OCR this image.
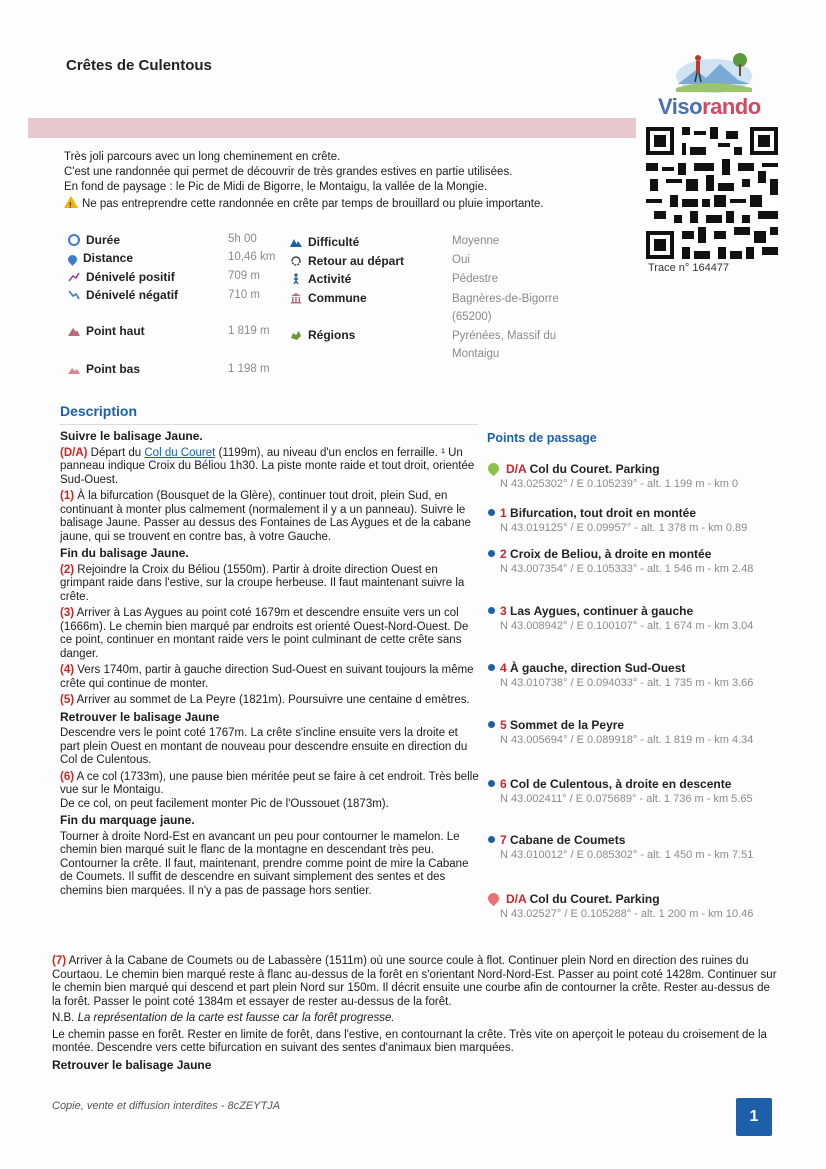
Crêtes de Culentous
Visorando
Trace n° 164477

Très joli parcours avec un long cheminement en crête.

C'est une randonnée qui permet de découvrir de très grandes estives en partie utilisées.

En fond de paysage : le Pic de Midi de Bigorre, le Montaigu, la vallée de la Mongie.

! Ne pas entreprendre cette randonnée en crête par temps de brouillard ou pluie importante.

Durée	5h 00
Distance	10,46 km
Dénivelé positif	709 m
Dénivelé négatif	710 m
Point haut	1 819 m
Point bas	1 198 m
Difficulté	Moyenne
Retour au départ	Oui
Activité	Pédestre
Commune	Bagnères-de-Bigorre (65200)
Régions	Pyrénées, Massif du Montaigu
Description
Suivre le balisage Jaune.

(D/A) Départ du Col du Couret (1199m), au niveau d'un enclos en ferraille. ¹ Un panneau indique Croix du Béliou 1h30. La piste monte raide et tout droit, orientée Sud-Ouest.

(1) À la bifurcation (Bousquet de la Glère), continuer tout droit, plein Sud, en continuant à monter plus calmement (normalement il y a un panneau). Suivre le balisage Jaune. Passer au dessus des Fontaines de Las Aygues et de la cabane jaune, qui se trouvent en contre bas, à votre Gauche.

Fin du balisage Jaune.

(2) Rejoindre la Croix du Béliou (1550m). Partir à droite direction Ouest en grimpant raide dans l'estive, sur la croupe herbeuse. Il faut maintenant suivre la crête.

(3) Arriver à Las Aygues au point coté 1679m et descendre ensuite vers un col (1666m). Le chemin bien marqué par endroits est orienté Ouest-Nord-Ouest. De ce point, continuer en montant raide vers le point culminant de cette crête sans danger.

(4) Vers 1740m, partir à gauche direction Sud-Ouest en suivant toujours la même crête qui continue de monter.

(5) Arriver au sommet de La Peyre (1821m). Poursuivre une centaine d emètres.

Retrouver le balisage Jaune

Descendre vers le point coté 1767m. La crête s'incline ensuite vers la droite et part plein Ouest en montant de nouveau pour descendre ensuite en direction du Col de Culentous.

(6) A ce col (1733m), une pause bien méritée peut se faire à cet endroit. Très belle vue sur le Montaigu.

De ce col, on peut facilement monter Pic de l'Oussouet (1873m).

Fin du marquage jaune.

Tourner à droite Nord-Est en avancant un peu pour contourner le mamelon. Le chemin bien marqué suit le flanc de la montagne en descendant très peu. Contourner la crête. Il faut, maintenant, prendre comme point de mire la Cabane de Coumets. Il suffit de descendre en suivant simplement des sentes et des chemins bien marquées. Il n'y a pas de passage hors sentier.

(7) Arriver à la Cabane de Coumets ou de Labassère (1511m) où une source coule à flot. Continuer plein Nord en direction des ruines du Courtaou. Le chemin bien marqué reste à flanc au-dessus de la forêt en s'orientant Nord-Nord-Est. Passer au point coté 1428m. Continuer sur le chemin bien marqué qui descend et part plein Nord sur 150m. Il décrit ensuite une courbe afin de contourner la crête. Rester au-dessus de la forêt. Passer le point coté 1384m et essayer de rester au-dessus de la forêt.

N.B. La représentation de la carte est fausse car la forêt progresse.

Le chemin passe en forêt. Rester en limite de forêt, dans l'estive, en contournant la crête. Très vite on aperçoit le poteau du croisement de la montée. Descendre vers cette bifurcation en suivant des sentes d'animaux bien marquées.

Retrouver le balisage Jaune
Points de passage
D/A Col du Couret. Parking
N 43.025302° / E 0.105239° - alt. 1 199 m - km 0
1 Bifurcation, tout droit en montée
N 43.019125° / E 0.09957° - alt. 1 378 m - km 0.89
2 Croix de Beliou, à droite en montée
N 43.007354° / E 0.105333° - alt. 1 546 m - km 2.48
3 Las Aygues, continuer à gauche
N 43.008942° / E 0.100107° - alt. 1 674 m - km 3.04
4 À gauche, direction Sud-Ouest
N 43.010738° / E 0.094033° - alt. 1 735 m - km 3.66
5 Sommet de la Peyre
N 43.005694° / E 0.089918° - alt. 1 819 m - km 4.34
6 Col de Culentous, à droite en descente
N 43.002411° / E 0.075689° - alt. 1 736 m - km 5.65
7 Cabane de Coumets
N 43.010012° / E 0.085302° - alt. 1 450 m - km 7.51
D/A Col du Couret. Parking
N 43.02527° / E 0.105288° - alt. 1 200 m - km 10.46
Copie, vente et diffusion interdites - 8cZEYTJA
1
